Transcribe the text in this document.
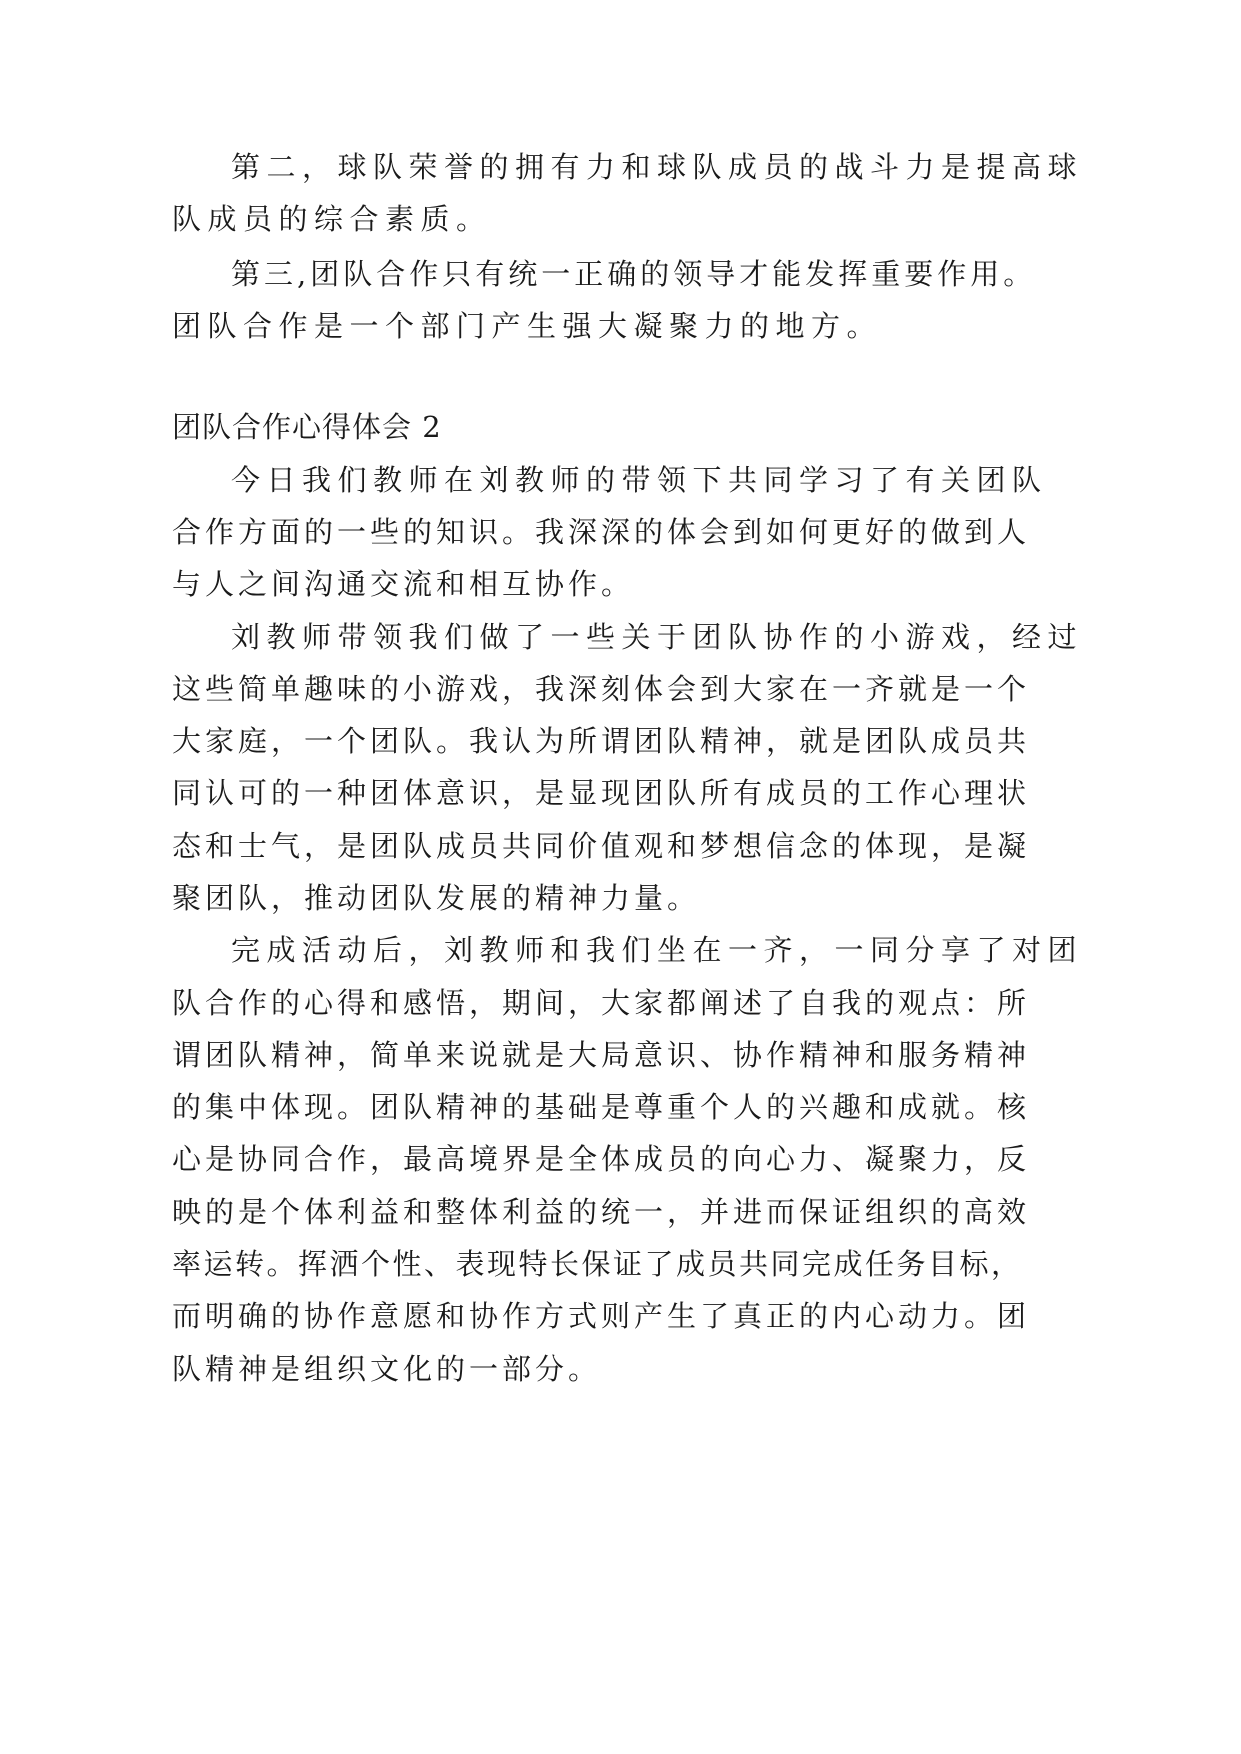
第二，球队荣誉的拥有力和球队成员的战斗力是提高球

队成员的综合素质。

第三,团队合作只有统一正确的领导才能发挥重要作用。

团队合作是一个部门产生强大凝聚力的地方。

团队合作心得体会 2

今日我们教师在刘教师的带领下共同学习了有关团队

合作方面的一些的知识。我深深的体会到如何更好的做到人

与人之间沟通交流和相互协作。

刘教师带领我们做了一些关于团队协作的小游戏，经过

这些简单趣味的小游戏，我深刻体会到大家在一齐就是一个

大家庭，一个团队。我认为所谓团队精神，就是团队成员共

同认可的一种团体意识，是显现团队所有成员的工作心理状

态和士气，是团队成员共同价值观和梦想信念的体现，是凝

聚团队，推动团队发展的精神力量。

完成活动后，刘教师和我们坐在一齐，一同分享了对团

队合作的心得和感悟，期间，大家都阐述了自我的观点：所

谓团队精神，简单来说就是大局意识、协作精神和服务精神

的集中体现。团队精神的基础是尊重个人的兴趣和成就。核

心是协同合作，最高境界是全体成员的向心力、凝聚力，反

映的是个体利益和整体利益的统一，并进而保证组织的高效

率运转。挥洒个性、表现特长保证了成员共同完成任务目标，

而明确的协作意愿和协作方式则产生了真正的内心动力。团

队精神是组织文化的一部分。
